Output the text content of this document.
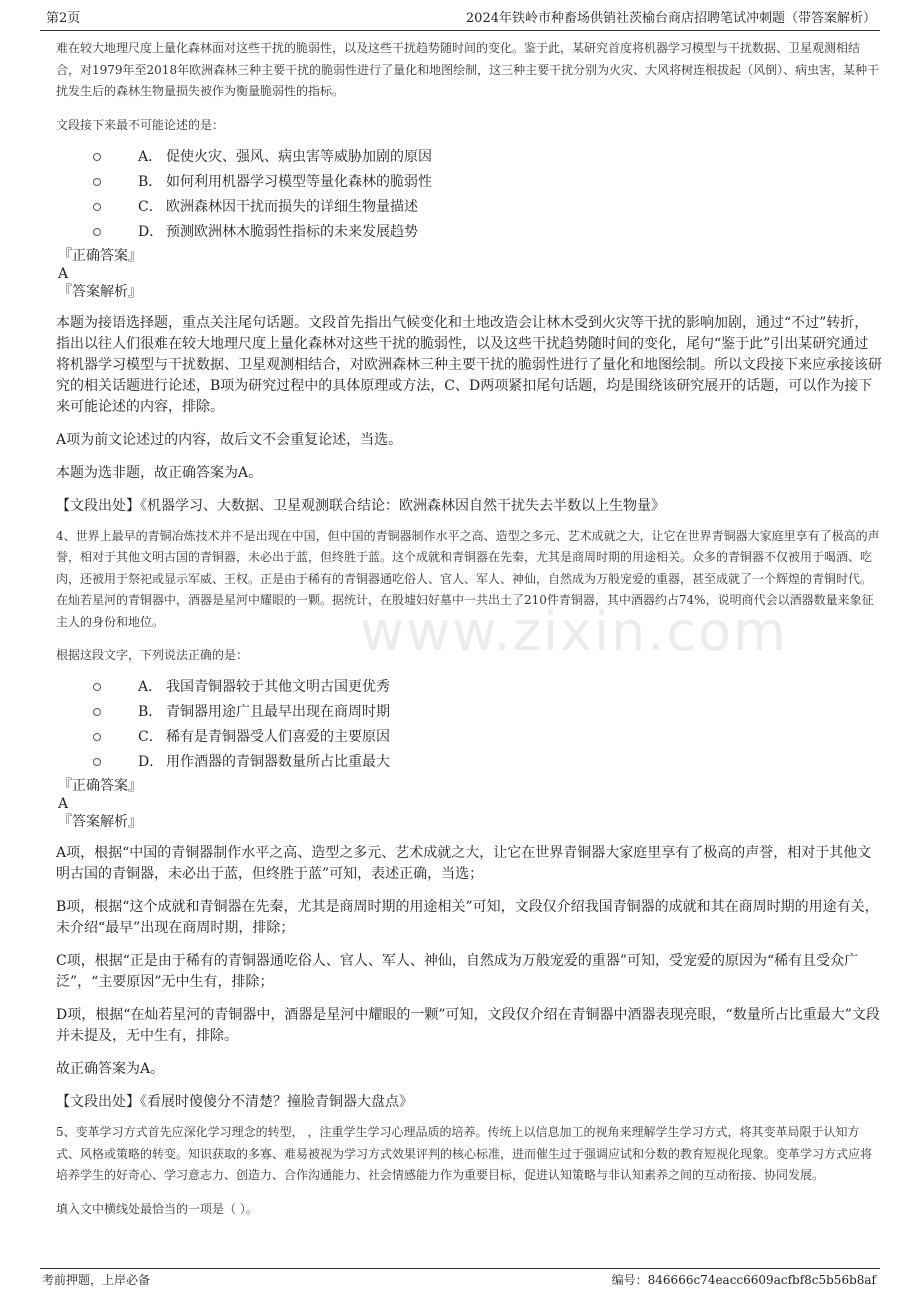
第2页	2024年铁岭市种畜场供销社茨榆台商店招聘笔试冲刺题（带答案解析）
www.zixin.com

难在较大地理尺度上量化森林面对这些干扰的脆弱性，以及这些干扰趋势随时间的变化。鉴于此，某研究首度将机器学习模型与干扰数据、卫星观测相结合，对1979年至2018年欧洲森林三种主要干扰的脆弱性进行了量化和地图绘制，这三种主要干扰分别为火灾、大风将树连根拔起（风倒）、病虫害，某种干扰发生后的森林生物量损失被作为衡量脆弱性的指标。

文段接下来最不可能论述的是：

A． 促使火灾、强风、病虫害等威胁加剧的原因
B． 如何利用机器学习模型等量化森林的脆弱性
C． 欧洲森林因干扰而损失的详细生物量描述
D． 预测欧洲林木脆弱性指标的未来发展趋势

『正确答案』

A

『答案解析』

本题为接语选择题，重点关注尾句话题。文段首先指出气候变化和土地改造会让林木受到火灾等干扰的影响加剧，通过“不过”转折，指出以往人们很难在较大地理尺度上量化森林对这些干扰的脆弱性，以及这些干扰趋势随时间的变化，尾句“鉴于此”引出某研究通过将机器学习模型与干扰数据、卫星观测相结合，对欧洲森林三种主要干扰的脆弱性进行了量化和地图绘制。所以文段接下来应承接该研究的相关话题进行论述，B项为研究过程中的具体原理或方法，C、D两项紧扣尾句话题，均是围绕该研究展开的话题，可以作为接下来可能论述的内容，排除。

A项为前文论述过的内容，故后文不会重复论述，当选。

本题为选非题，故正确答案为A。

【文段出处】《机器学习、大数据、卫星观测联合结论：欧洲森林因自然干扰失去半数以上生物量》

4、世界上最早的青铜冶炼技术并不是出现在中国，但中国的青铜器制作水平之高、造型之多元、艺术成就之大，让它在世界青铜器大家庭里享有了极高的声誉，相对于其他文明古国的青铜器，未必出于蓝，但终胜于蓝。这个成就和青铜器在先秦，尤其是商周时期的用途相关。众多的青铜器不仅被用于喝酒、吃肉，还被用于祭祀或显示军威、王权。正是由于稀有的青铜器通吃俗人、官人、军人、神仙，自然成为万般宠爱的重器，甚至成就了一个辉煌的青铜时代。在灿若星河的青铜器中，酒器是星河中耀眼的一颗。据统计，在殷墟妇好墓中一共出土了210件青铜器，其中酒器约占74%，说明商代会以酒器数量来象征主人的身份和地位。

根据这段文字，下列说法正确的是：

A． 我国青铜器较于其他文明古国更优秀
B． 青铜器用途广且最早出现在商周时期
C． 稀有是青铜器受人们喜爱的主要原因
D． 用作酒器的青铜器数量所占比重最大

『正确答案』

A

『答案解析』

A项，根据“中国的青铜器制作水平之高、造型之多元、艺术成就之大，让它在世界青铜器大家庭里享有了极高的声誉，相对于其他文明古国的青铜器，未必出于蓝，但终胜于蓝”可知，表述正确，当选；

B项，根据“这个成就和青铜器在先秦，尤其是商周时期的用途相关”可知，文段仅介绍我国青铜器的成就和其在商周时期的用途有关，未介绍“最早”出现在商周时期，排除；

C项，根据“正是由于稀有的青铜器通吃俗人、官人、军人、神仙，自然成为万般宠爱的重器”可知，受宠爱的原因为“稀有且受众广泛”，“主要原因”无中生有，排除；

D项，根据“在灿若星河的青铜器中，酒器是星河中耀眼的一颗”可知，文段仅介绍在青铜器中酒器表现亮眼，“数量所占比重最大”文段并未提及，无中生有，排除。

故正确答案为A。

【文段出处】《看展时傻傻分不清楚？撞脸青铜器大盘点》

5、变革学习方式首先应深化学习理念的转型， ，注重学生学习心理品质的培养。传统上以信息加工的视角来理解学生学习方式，将其变革局限于认知方式、风格或策略的转变。知识获取的多寡、难易被视为学习方式效果评判的核心标准，进而催生过于强调应试和分数的教育短视化现象。变革学习方式应将培养学生的好奇心、学习意志力、创造力、合作沟通能力、社会情感能力作为重要目标，促进认知策略与非认知素养之间的互动衔接、协同发展。

填入文中横线处最恰当的一项是（ ）。

考前押题，上岸必备	编号：846666c74eacc6609acfbf8c5b56b8af
